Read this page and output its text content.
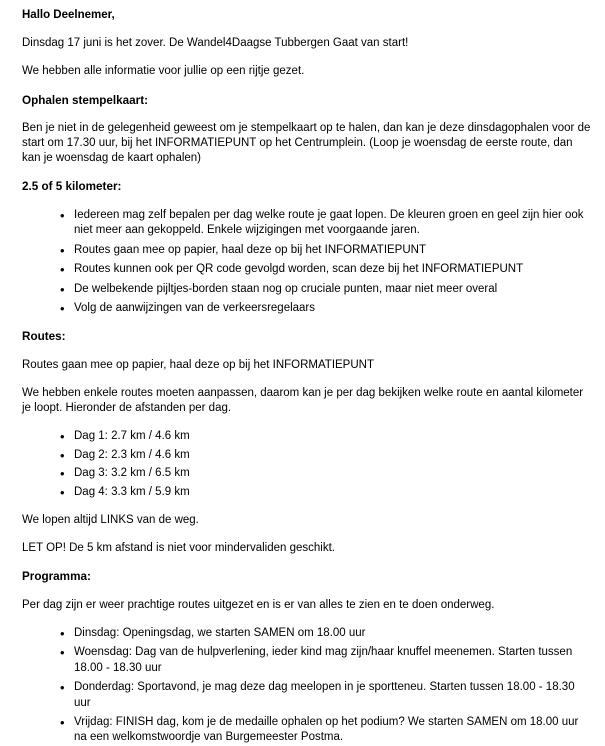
Hallo Deelnemer,

Dinsdag 17 juni is het zover. De Wandel4Daagse Tubbergen Gaat van start!

We hebben alle informatie voor jullie op een rijtje gezet.

Ophalen stempelkaart:

Ben je niet in de gelegenheid geweest om je stempelkaart op te halen, dan kan je deze dinsdagophalen voor de start om 17.30 uur, bij het INFORMATIEPUNT op het Centrumplein. (Loop je woensdag de eerste route, dan kan je woensdag de kaart ophalen)

2.5 of 5 kilometer:

• Iedereen mag zelf bepalen per dag welke route je gaat lopen. De kleuren groen en geel zijn hier ook niet meer aan gekoppeld. Enkele wijzigingen met voorgaande jaren.
• Routes gaan mee op papier, haal deze op bij het INFORMATIEPUNT
• Routes kunnen ook per QR code gevolgd worden, scan deze bij het INFORMATIEPUNT
• De welbekende pijltjes-borden staan nog op cruciale punten, maar niet meer overal
• Volg de aanwijzingen van de verkeersregelaars

Routes:

Routes gaan mee op papier, haal deze op bij het INFORMATIEPUNT

We hebben enkele routes moeten aanpassen, daarom kan je per dag bekijken welke route en aantal kilometer je loopt. Hieronder de afstanden per dag.

• Dag 1: 2.7 km / 4.6 km
• Dag 2: 2.3 km / 4.6 km
• Dag 3: 3.2 km / 6.5 km
• Dag 4: 3.3 km / 5.9 km

We lopen altijd LINKS van de weg.

LET OP! De 5 km afstand is niet voor mindervaliden geschikt.

Programma:

Per dag zijn er weer prachtige routes uitgezet en is er van alles te zien en te doen onderweg.

• Dinsdag: Openingsdag, we starten SAMEN om 18.00 uur
• Woensdag: Dag van de hulpverlening, ieder kind mag zijn/haar knuffel meenemen. Starten tussen 18.00 - 18.30 uur
• Donderdag: Sportavond, je mag deze dag meelopen in je sportteneu. Starten tussen 18.00 - 18.30 uur
• Vrijdag: FINISH dag, kom je de medaille ophalen op het podium? We starten SAMEN om 18.00 uur na een welkomstwoordje van Burgemeester Postma.
